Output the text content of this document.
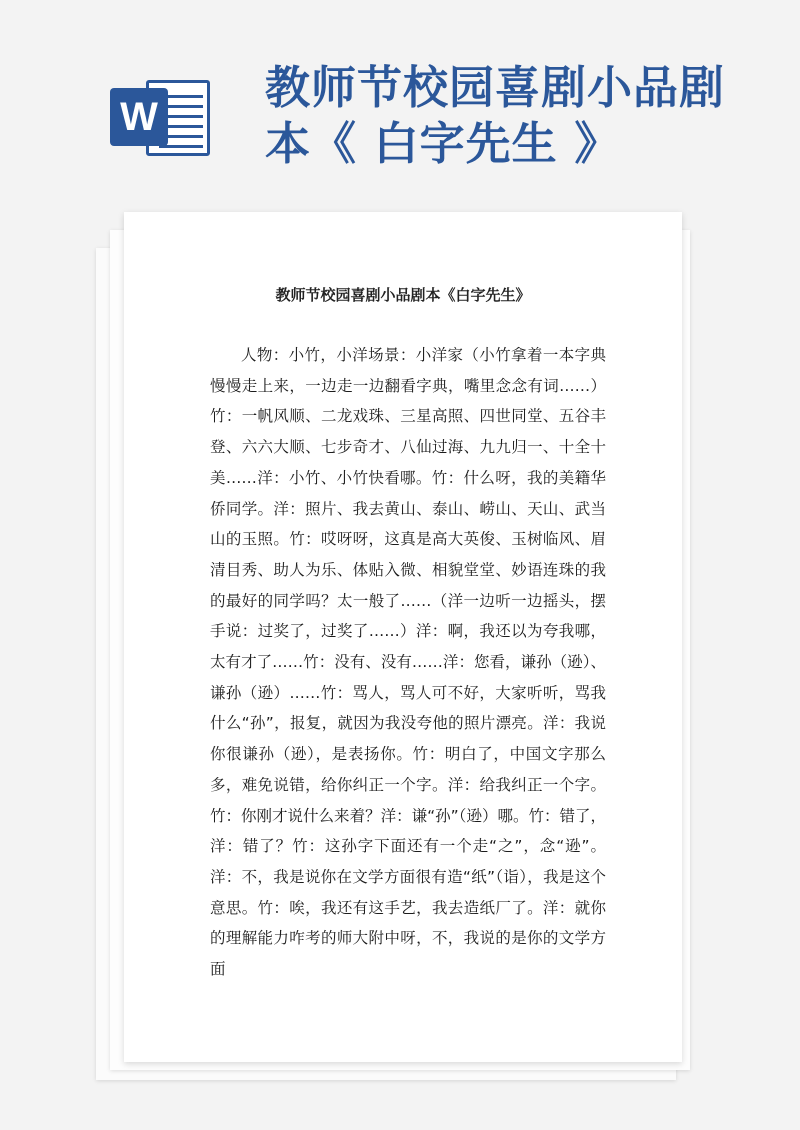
W
教师节校园喜剧小品剧本《 白字先生 》
教师节校园喜剧小品剧本《白字先生》

人物：小竹，小洋场景：小洋家（小竹拿着一本字典慢慢走上来，一边走一边翻看字典，嘴里念念有词……）竹：一帆风顺、二龙戏珠、三星高照、四世同堂、五谷丰登、六六大顺、七步奇才、八仙过海、九九归一、十全十美……洋：小竹、小竹快看哪。竹：什么呀，我的美籍华侨同学。洋：照片、我去黄山、泰山、崂山、天山、武当山的玉照。竹：哎呀呀，这真是高大英俊、玉树临风、眉清目秀、助人为乐、体贴入微、相貌堂堂、妙语连珠的我的最好的同学吗？太一般了……（洋一边听一边摇头，摆手说：过奖了，过奖了……）洋：啊，我还以为夸我哪，太有才了……竹：没有、没有……洋：您看，谦孙（逊）、谦孙（逊）……竹：骂人，骂人可不好，大家听听，骂我什么“孙”，报复，就因为我没夸他的照片漂亮。洋：我说你很谦孙（逊），是表扬你。竹：明白了，中国文字那么多，难免说错，给你纠正一个字。洋：给我纠正一个字。竹：你刚才说什么来着？洋：谦“孙”（逊）哪。竹：错了，洋：错了？竹：这孙字下面还有一个走“之”，念“逊”。洋：不，我是说你在文学方面很有造“纸”（诣），我是这个意思。竹：唉，我还有这手艺，我去造纸厂了。洋：就你的理解能力咋考的师大附中呀，不，我说的是你的文学方面
